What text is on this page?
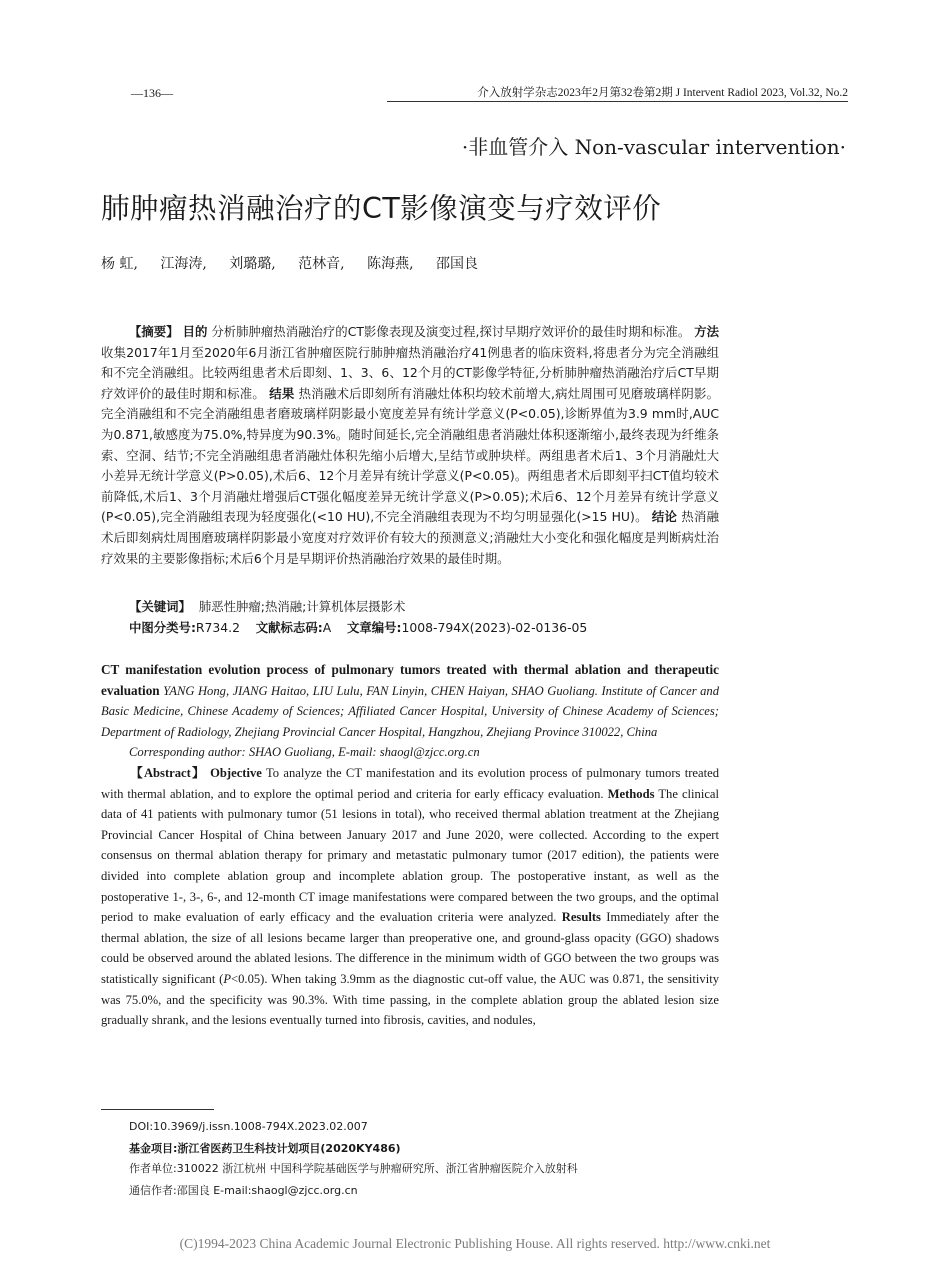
—136—	介入放射学杂志2023年2月第32卷第2期 J Intervent Radiol 2023, Vol.32, No.2
·非血管介入 Non-vascular intervention·
肺肿瘤热消融治疗的CT影像演变与疗效评价
杨 虹, 江海涛, 刘璐璐, 范林音, 陈海燕, 邵国良
【摘要】 目的 分析肺肿瘤热消融治疗的CT影像表现及演变过程,探讨早期疗效评价的最佳时期和标准。 方法 收集2017年1月至2020年6月浙江省肿瘤医院行肺肿瘤热消融治疗41例患者的临床资料,将患者分为完全消融组和不完全消融组。比较两组患者术后即刻、1、3、6、12个月的CT影像学特征,分析肺肿瘤热消融治疗后CT早期疗效评价的最佳时期和标准。 结果 热消融术后即刻所有消融灶体积均较术前增大,病灶周围可见磨玻璃样阴影。完全消融组和不完全消融组患者磨玻璃样阴影最小宽度差异有统计学意义(P<0.05),诊断界值为3.9 mm时,AUC为0.871,敏感度为75.0%,特异度为90.3%。随时间延长,完全消融组患者消融灶体积逐渐缩小,最终表现为纤维条索、空洞、结节;不完全消融组患者消融灶体积先缩小后增大,呈结节或肿块样。两组患者术后1、3个月消融灶大小差异无统计学意义(P>0.05),术后6、12个月差异有统计学意义(P<0.05)。两组患者术后即刻平扫CT值均较术前降低,术后1、3个月消融灶增强后CT强化幅度差异无统计学意义(P>0.05);术后6、12个月差异有统计学意义(P<0.05),完全消融组表现为轻度强化(<10 HU),不完全消融组表现为不均匀明显强化(>15 HU)。 结论 热消融术后即刻病灶周围磨玻璃样阴影最小宽度对疗效评价有较大的预测意义;消融灶大小变化和强化幅度是判断病灶治疗效果的主要影像指标;术后6个月是早期评价热消融治疗效果的最佳时期。
【关键词】 肺恶性肿瘤;热消融;计算机体层摄影术
中图分类号:R734.2 文献标志码:A 文章编号:1008-794X(2023)-02-0136-05

CT manifestation evolution process of pulmonary tumors treated with thermal ablation and therapeutic evaluation YANG Hong, JIANG Haitao, LIU Lulu, FAN Linyin, CHEN Haiyan, SHAO Guoliang. Institute of Cancer and Basic Medicine, Chinese Academy of Sciences; Affiliated Cancer Hospital, University of Chinese Academy of Sciences; Department of Radiology, Zhejiang Provincial Cancer Hospital, Hangzhou, Zhejiang Province 310022, China

Corresponding author: SHAO Guoliang, E-mail: shaogl@zjcc.org.cn

【Abstract】 Objective To analyze the CT manifestation and its evolution process of pulmonary tumors treated with thermal ablation, and to explore the optimal period and criteria for early efficacy evaluation. Methods The clinical data of 41 patients with pulmonary tumor (51 lesions in total), who received thermal ablation treatment at the Zhejiang Provincial Cancer Hospital of China between January 2017 and June 2020, were collected. According to the expert consensus on thermal ablation therapy for primary and metastatic pulmonary tumor (2017 edition), the patients were divided into complete ablation group and incomplete ablation group. The postoperative instant, as well as the postoperative 1-, 3-, 6-, and 12-month CT image manifestations were compared between the two groups, and the optimal period to make evaluation of early efficacy and the evaluation criteria were analyzed. Results Immediately after the thermal ablation, the size of all lesions became larger than preoperative one, and ground-glass opacity (GGO) shadows could be observed around the ablated lesions. The difference in the minimum width of GGO between the two groups was statistically significant (P<0.05). When taking 3.9mm as the diagnostic cut-off value, the AUC was 0.871, the sensitivity was 75.0%, and the specificity was 90.3%. With time passing, in the complete ablation group the ablated lesion size gradually shrank, and the lesions eventually turned into fibrosis, cavities, and nodules,

DOI:10.3969/j.issn.1008-794X.2023.02.007
基金项目:浙江省医药卫生科技计划项目(2020KY486)
作者单位:310022 浙江杭州 中国科学院基础医学与肿瘤研究所、浙江省肿瘤医院介入放射科
通信作者:邵国良 E-mail:shaogl@zjcc.org.cn
(C)1994-2023 China Academic Journal Electronic Publishing House. All rights reserved. http://www.cnki.net
